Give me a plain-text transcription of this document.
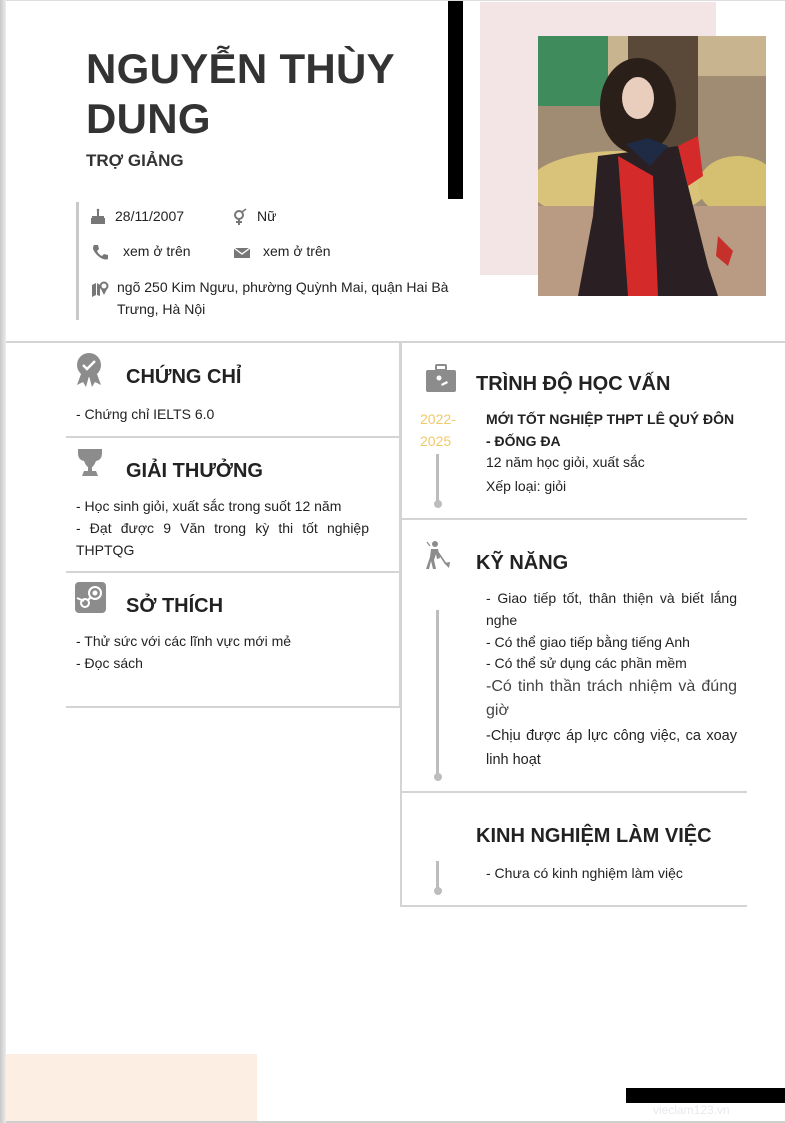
NGUYỄN THÙY DUNG
TRỢ GIẢNG
28/11/2007	Nữ
xem ở trên	xem ở trên
ngõ 250 Kim Ngưu, phường Quỳnh Mai, quận Hai Bà Trưng, Hà Nội
CHỨNG CHỈ
- Chứng chỉ IELTS 6.0
GIẢI THƯỞNG
- Học sinh giỏi, xuất sắc trong suốt 12 năm
- Đạt được 9 Văn trong kỳ thi tốt nghiệp THPTQG
SỞ THÍCH
- Thử sức với các lĩnh vực mới mẻ
- Đọc sách
TRÌNH ĐỘ HỌC VẤN
2022-
2025
MỚI TỐT NGHIỆP THPT LÊ QUÝ ĐÔN - ĐỐNG ĐA
12 năm học giỏi, xuất sắc
Xếp loại: giỏi
KỸ NĂNG
- Giao tiếp tốt, thân thiện và biết lắng nghe
- Có thể giao tiếp bằng tiếng Anh
- Có thể sử dụng các phần mềm
-Có tinh thần trách nhiệm và đúng giờ
-Chịu được áp lực công việc, ca xoay linh hoạt
KINH NGHIỆM LÀM VIỆC
- Chưa có kinh nghiệm làm việc
vieclam123.vn
